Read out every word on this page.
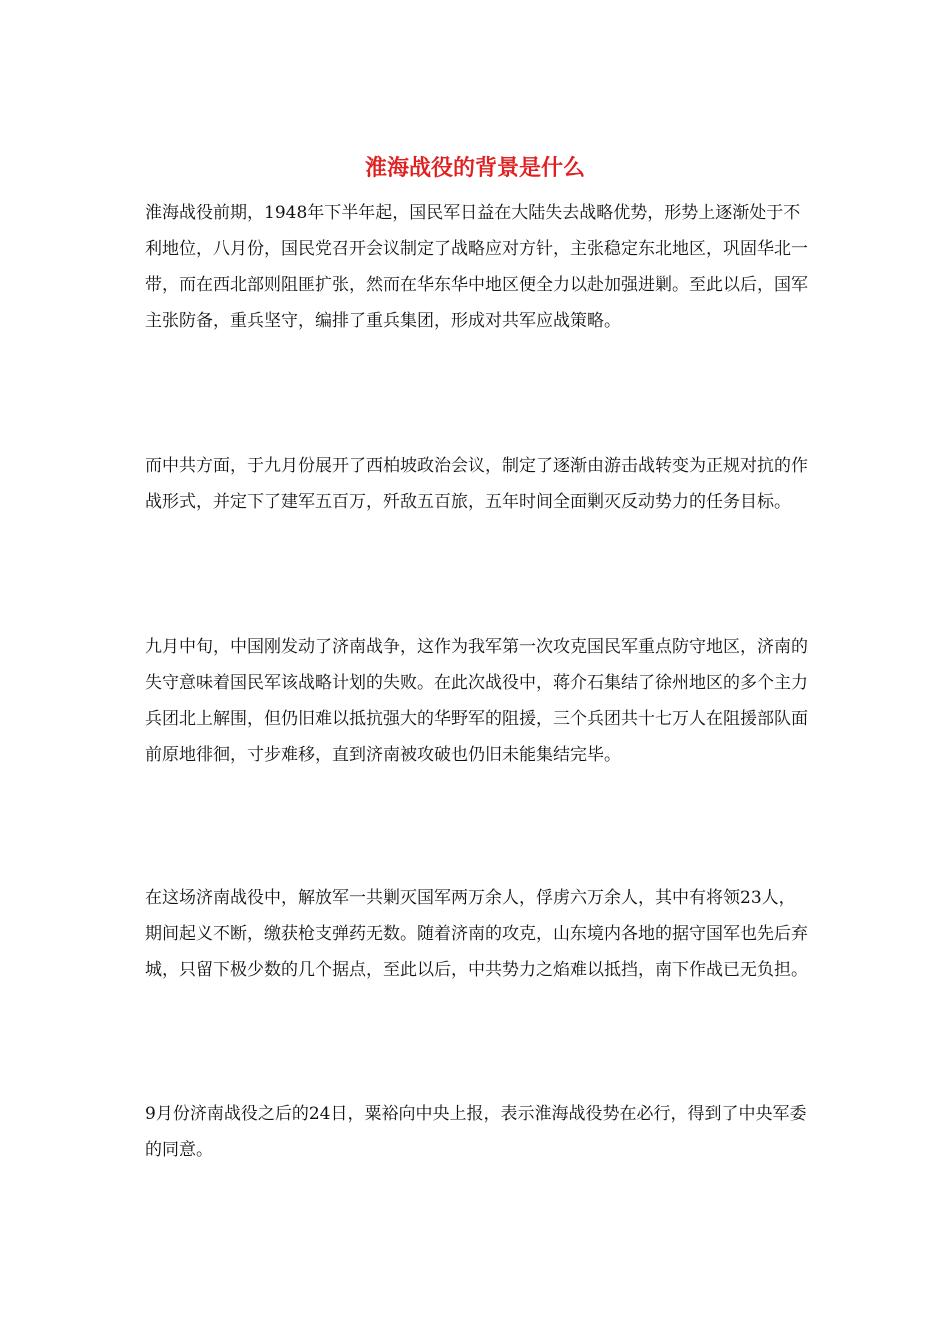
淮海战役的背景是什么
淮海战役前期，1948年下半年起，国民军日益在大陆失去战略优势，形势上逐渐处于不利地位，八月份，国民党召开会议制定了战略应对方针，主张稳定东北地区，巩固华北一带，而在西北部则阻匪扩张，然而在华东华中地区便全力以赴加强进剿。至此以后，国军主张防备，重兵坚守，编排了重兵集团，形成对共军应战策略。
而中共方面，于九月份展开了西柏坡政治会议，制定了逐渐由游击战转变为正规对抗的作战形式，并定下了建军五百万，歼敌五百旅，五年时间全面剿灭反动势力的任务目标。
九月中旬，中国刚发动了济南战争，这作为我军第一次攻克国民军重点防守地区，济南的失守意味着国民军该战略计划的失败。在此次战役中，蒋介石集结了徐州地区的多个主力兵团北上解围，但仍旧难以抵抗强大的华野军的阻援，三个兵团共十七万人在阻援部队面前原地徘徊，寸步难移，直到济南被攻破也仍旧未能集结完毕。
在这场济南战役中，解放军一共剿灭国军两万余人，俘虏六万余人，其中有将领23人，期间起义不断，缴获枪支弹药无数。随着济南的攻克，山东境内各地的据守国军也先后弃城，只留下极少数的几个据点，至此以后，中共势力之焰难以抵挡，南下作战已无负担。
9月份济南战役之后的24日，粟裕向中央上报，表示淮海战役势在必行，得到了中央军委的同意。
